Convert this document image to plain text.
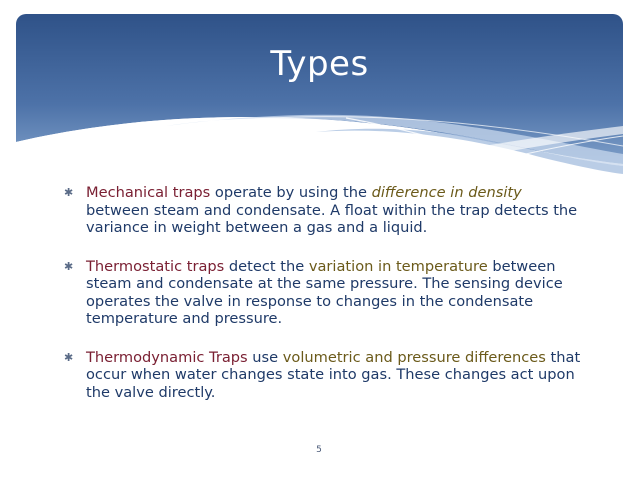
Types
✱ Mechanical traps operate by using the difference in density between steam and condensate. A float within the trap detects the variance in weight between a gas and a liquid.
✱ Thermostatic traps detect the variation in temperature between steam and condensate at the same pressure. The sensing device operates the valve in response to changes in the condensate temperature and pressure.
✱ Thermodynamic Traps use volumetric and pressure differences that occur when water changes state into gas. These changes act upon the valve directly.
5
